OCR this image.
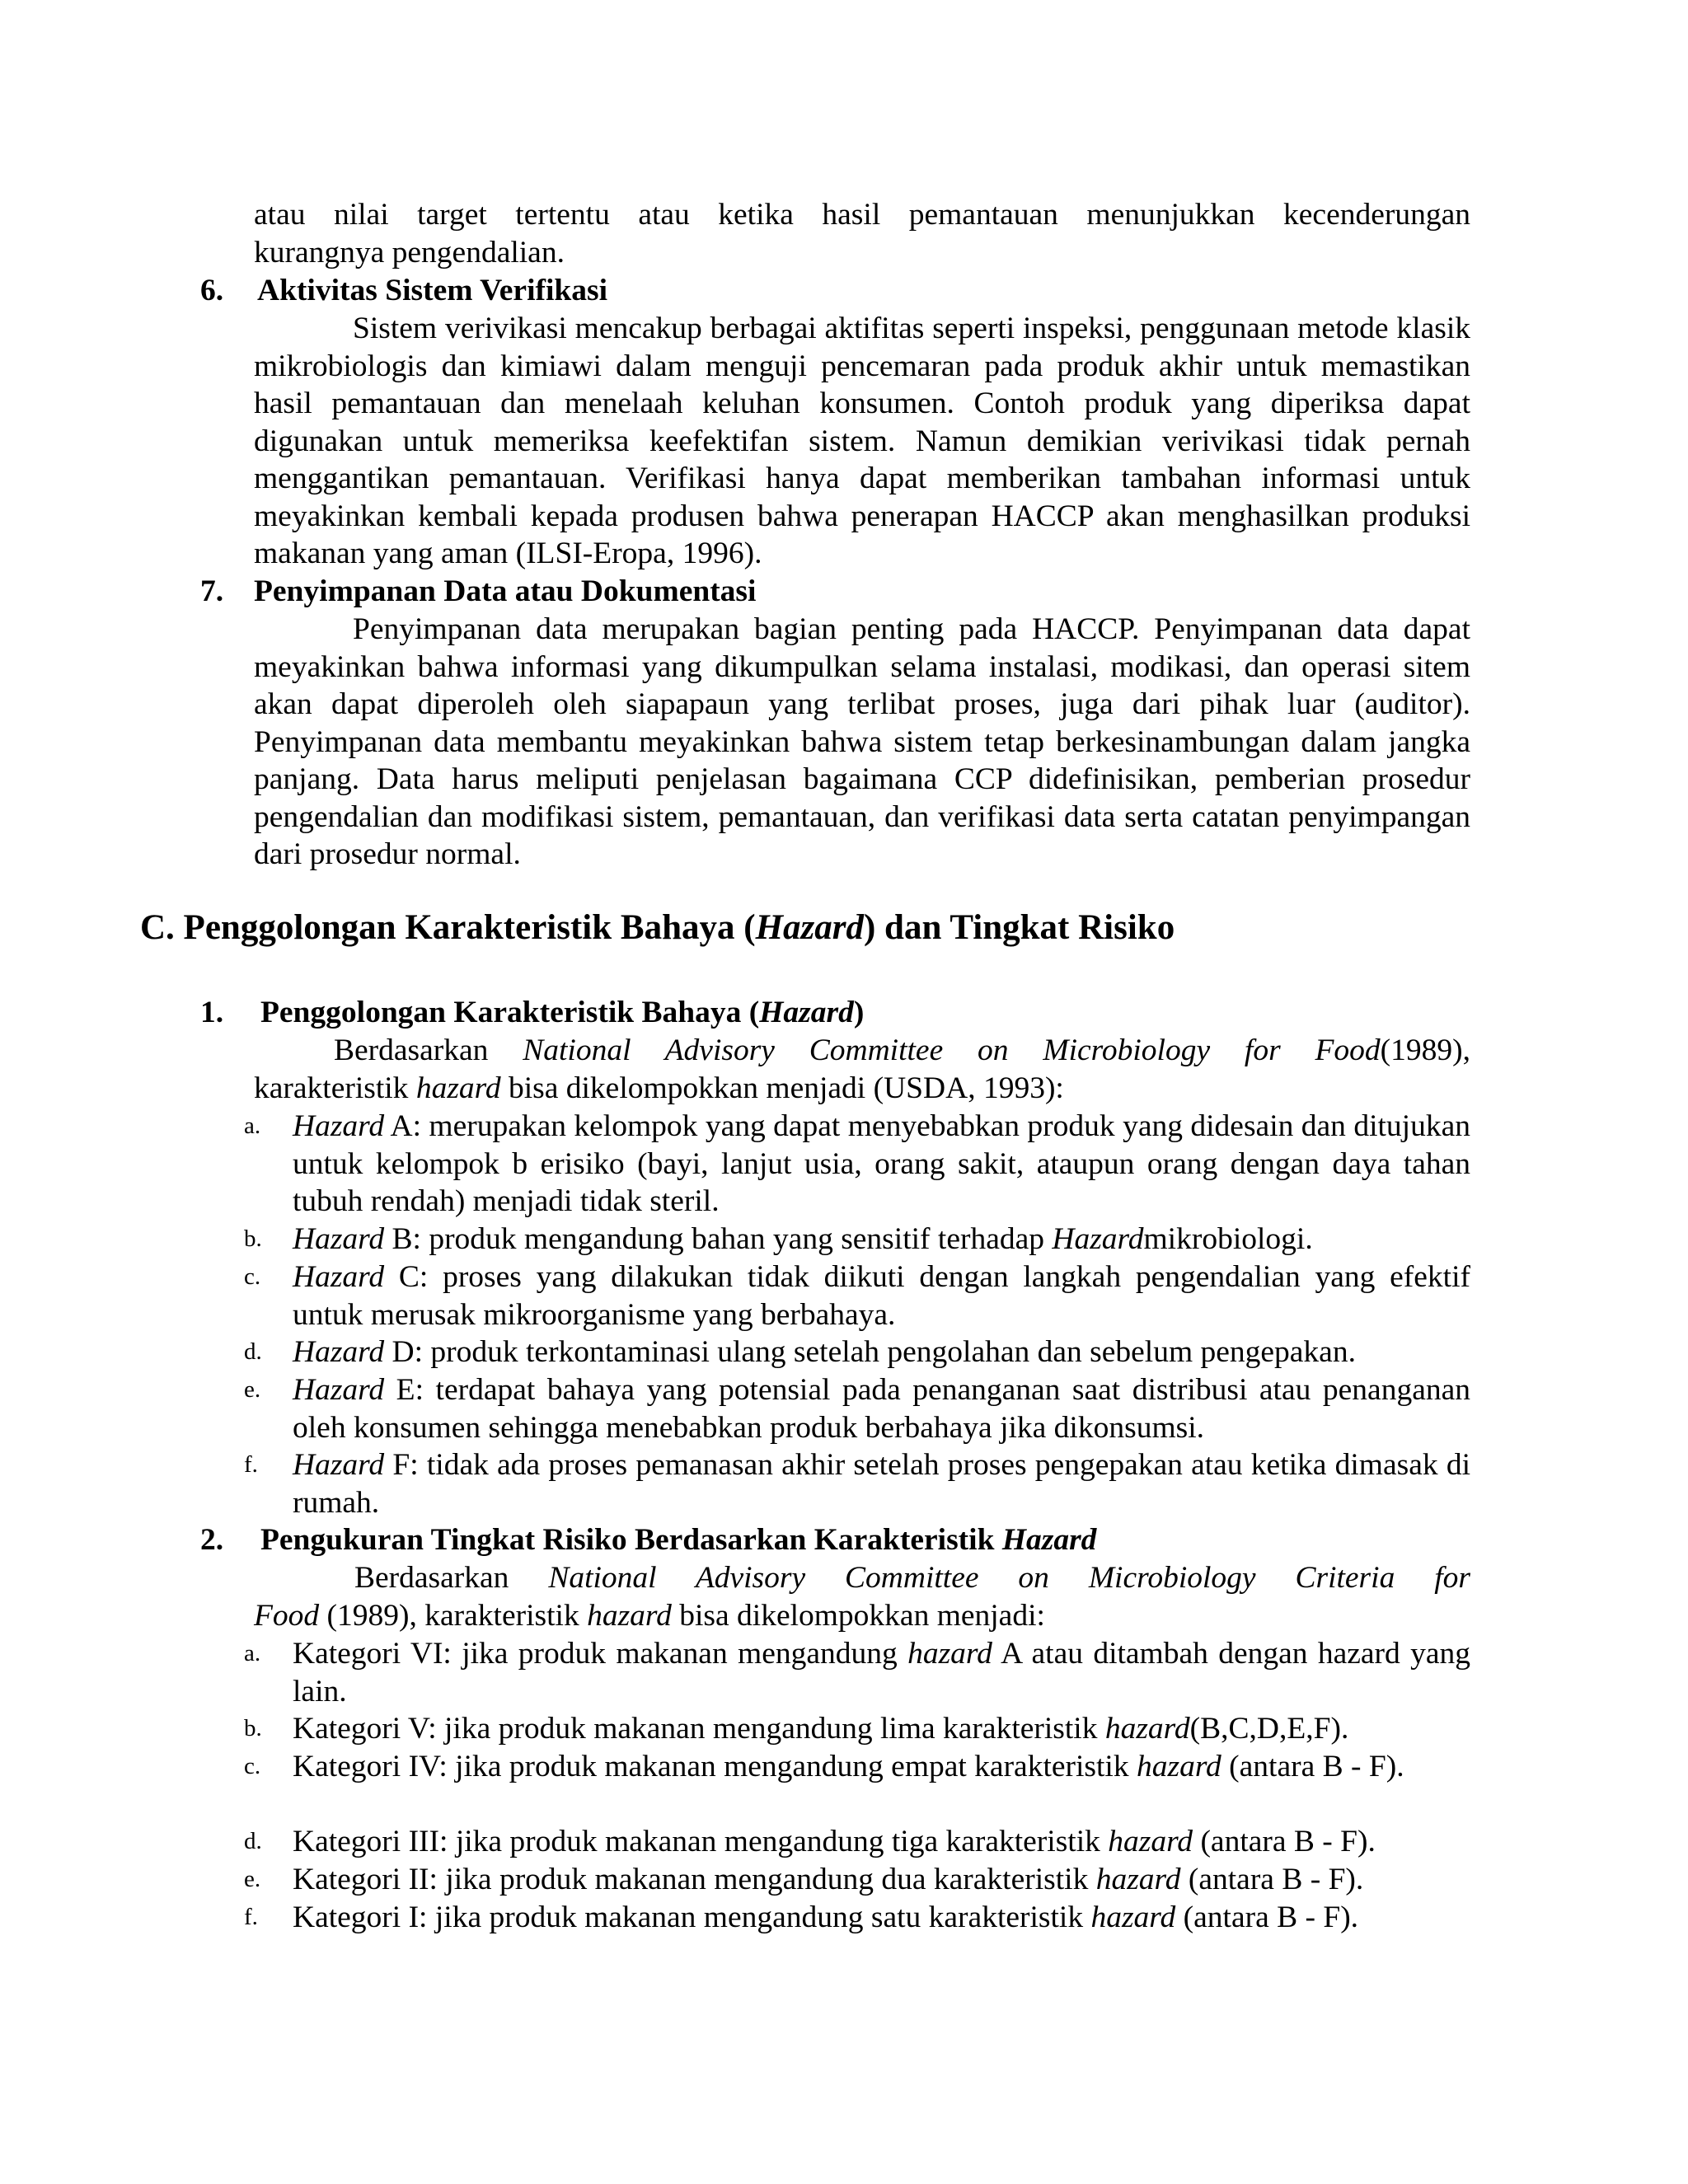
atau nilai target tertentu atau ketika hasil pemantauan menunjukkan kecenderungan

kurangnya pengendalian.

6. Aktivitas Sistem Verifikasi

Sistem verivikasi mencakup berbagai aktifitas seperti inspeksi, penggunaan metode klasik mikrobiologis dan kimiawi dalam menguji pencemaran pada produk akhir untuk memastikan hasil pemantauan dan menelaah keluhan konsumen. Contoh produk yang diperiksa dapat digunakan untuk memeriksa keefektifan sistem. Namun demikian verivikasi tidak pernah menggantikan pemantauan. Verifikasi hanya dapat memberikan tambahan informasi untuk meyakinkan kembali kepada produsen bahwa penerapan HACCP akan menghasilkan produksi makanan yang aman (ILSI-Eropa, 1996).

7. Penyimpanan Data atau Dokumentasi

Penyimpanan data merupakan bagian penting pada HACCP. Penyimpanan data dapat meyakinkan bahwa informasi yang dikumpulkan selama instalasi, modikasi, dan operasi sitem akan dapat diperoleh oleh siapapaun yang terlibat proses, juga dari pihak luar (auditor). Penyimpanan data membantu meyakinkan bahwa sistem tetap berkesinambungan dalam jangka panjang. Data harus meliputi penjelasan bagaimana CCP didefinisikan, pemberian prosedur pengendalian dan modifikasi sistem, pemantauan, dan verifikasi data serta catatan penyimpangan dari prosedur normal.

C. Penggolongan Karakteristik Bahaya (Hazard) dan Tingkat Risiko
1. Penggolongan Karakteristik Bahaya (Hazard)

Berdasarkan National Advisory Committee on Microbiology for Food(1989),

karakteristik hazard bisa dikelompokkan menjadi (USDA, 1993):

a. Hazard A: merupakan kelompok yang dapat menyebabkan produk yang didesain dan ditujukan untuk kelompok b erisiko (bayi, lanjut usia, orang sakit, ataupun orang dengan daya tahan tubuh rendah) menjadi tidak steril.

b. Hazard B: produk mengandung bahan yang sensitif terhadap Hazardmikrobiologi.

c. Hazard C: proses yang dilakukan tidak diikuti dengan langkah pengendalian yang efektif untuk merusak mikroorganisme yang berbahaya.

d. Hazard D: produk terkontaminasi ulang setelah pengolahan dan sebelum pengepakan.

e. Hazard E: terdapat bahaya yang potensial pada penanganan saat distribusi atau penanganan oleh konsumen sehingga menebabkan produk berbahaya jika dikonsumsi.

f. Hazard F: tidak ada proses pemanasan akhir setelah proses pengepakan atau ketika dimasak di rumah.

2. Pengukuran Tingkat Risiko Berdasarkan Karakteristik Hazard

Berdasarkan National Advisory Committee on Microbiology Criteria for

Food (1989), karakteristik hazard bisa dikelompokkan menjadi:

a. Kategori VI: jika produk makanan mengandung hazard A atau ditambah dengan hazard yang lain.

b. Kategori V: jika produk makanan mengandung lima karakteristik hazard(B,C,D,E,F).

c. Kategori IV: jika produk makanan mengandung empat karakteristik hazard (antara B - F).

d. Kategori III: jika produk makanan mengandung tiga karakteristik hazard (antara B - F).

e. Kategori II: jika produk makanan mengandung dua karakteristik hazard (antara B - F).

f. Kategori I: jika produk makanan mengandung satu karakteristik hazard (antara B - F).
